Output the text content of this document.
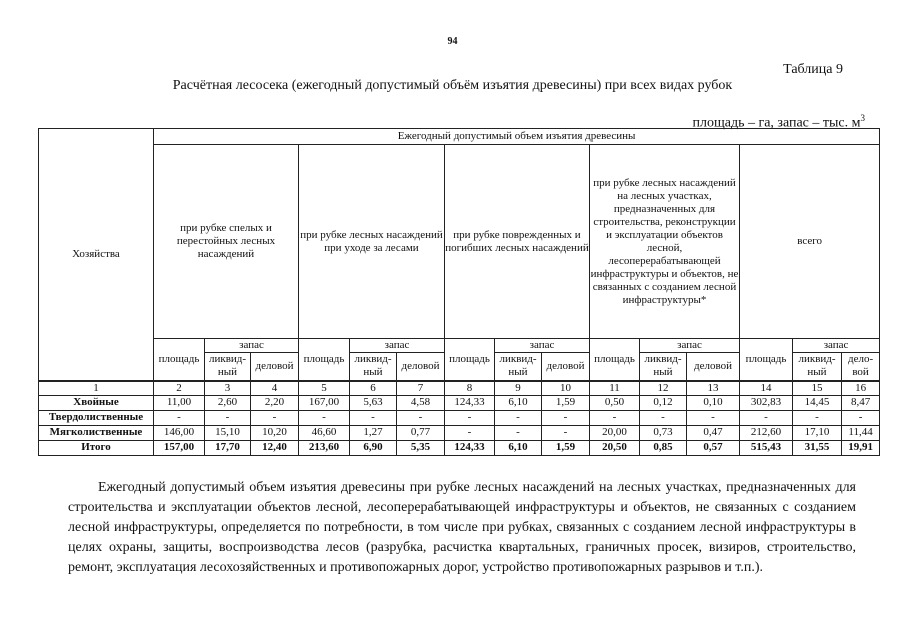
94
Таблица 9
Расчётная лесосека (ежегодный допустимый объём изъятия древесины) при всех видах рубок
площадь – га, запас – тыс. $м^3$
Хозяйства	Ежегодный допустимый объем изъятия древесины														
	при рубке спелых и перестойных лесных насаждений			при рубке лесных насаждений при уходе за лесами			при рубке поврежденных и погибших лесных насаждений			при рубке лесных насаждений на лесных участках, предназначенных для строительства, реконструкции и эксплуатации объектов лесной, лесоперерабатывающей инфраструктуры и объектов, не связанных с созданием лесной инфраструктуры*			всего		
	площадь	запас		площадь	запас		площадь	запас		площадь	запас		площадь	запас	
		ликвид-ный	деловой		ликвид-ный	деловой		ликвид-ный	деловой		ликвид-ный	деловой		ликвид-ный	дело-вой
1	2	3	4	5	6	7	8	9	10	11	12	13	14	15	16
Хвойные	11,00	2,60	2,20	167,00	5,63	4,58	124,33	6,10	1,59	0,50	0,12	0,10	302,83	14,45	8,47
Твердолиственные	-	-	-	-	-	-	-	-	-	-	-	-	-	-	-
Мягколиственные	146,00	15,10	10,20	46,60	1,27	0,77	-	-	-	20,00	0,73	0,47	212,60	17,10	11,44
Итого	157,00	17,70	12,40	213,60	6,90	5,35	124,33	6,10	1,59	20,50	0,85	0,57	515,43	31,55	19,91
Ежегодный допустимый объем изъятия древесины при рубке лесных насаждений на лесных участках, предназначенных для строительства и эксплуатации объектов лесной, лесоперерабатывающей инфраструктуры и объектов, не связанных с созданием лесной инфраструктуры, определяется по потребности, в том числе при рубках, связанных с созданием лесной инфраструктуры в целях охраны, защиты, воспроизводства лесов (разрубка, расчистка квартальных, граничных просек, визиров, строительство, ремонт, эксплуатация лесохозяйственных и противопожарных дорог, устройство противопожарных разрывов и т.п.).
